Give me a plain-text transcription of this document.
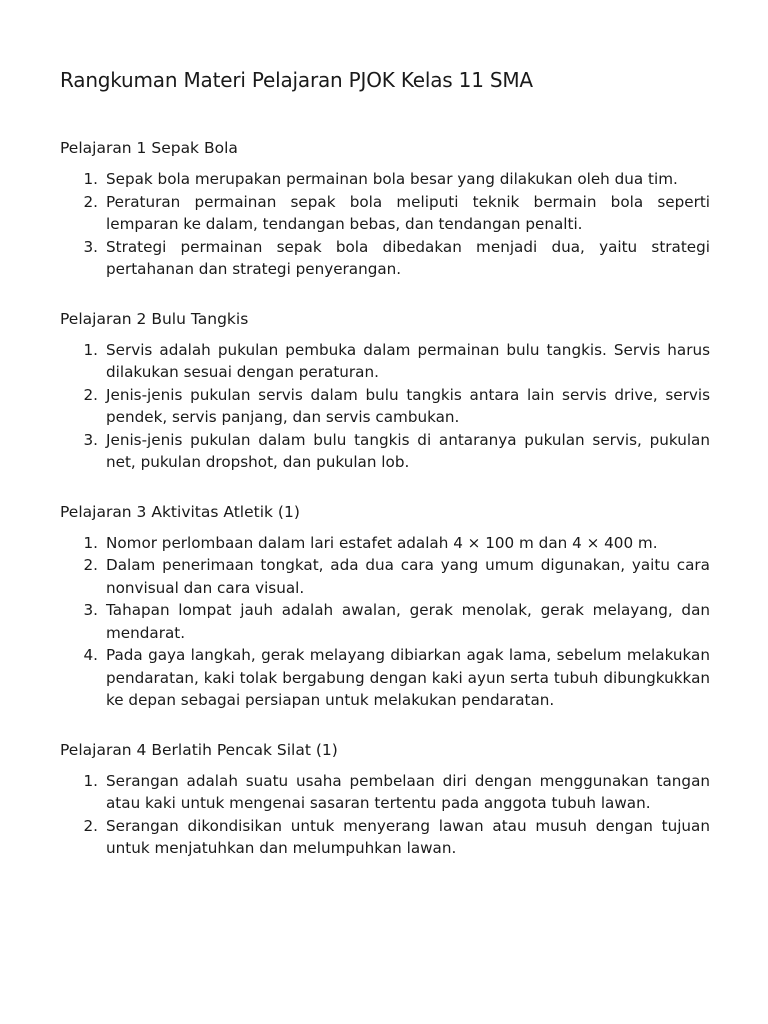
Rangkuman Materi Pelajaran PJOK Kelas 11 SMA
Pelajaran 1 Sepak Bola
1. Sepak bola merupakan permainan bola besar yang dilakukan oleh dua tim.
2. Peraturan permainan sepak bola meliputi teknik bermain bola seperti lemparan ke dalam, tendangan bebas, dan tendangan penalti.
3. Strategi permainan sepak bola dibedakan menjadi dua, yaitu strategi pertahanan dan strategi penyerangan.
Pelajaran 2 Bulu Tangkis
1. Servis adalah pukulan pembuka dalam permainan bulu tangkis. Servis harus dilakukan sesuai dengan peraturan.
2. Jenis-jenis pukulan servis dalam bulu tangkis antara lain servis drive, servis pendek, servis panjang, dan servis cambukan.
3. Jenis-jenis pukulan dalam bulu tangkis di antaranya pukulan servis, pukulan net, pukulan dropshot, dan pukulan lob.
Pelajaran 3 Aktivitas Atletik (1)
1. Nomor perlombaan dalam lari estafet adalah 4 × 100 m dan 4 × 400 m.
2. Dalam penerimaan tongkat, ada dua cara yang umum digunakan, yaitu cara nonvisual dan cara visual.
3. Tahapan lompat jauh adalah awalan, gerak menolak, gerak melayang, dan mendarat.
4. Pada gaya langkah, gerak melayang dibiarkan agak lama, sebelum melakukan pendaratan, kaki tolak bergabung dengan kaki ayun serta tubuh dibungkukkan ke depan sebagai persiapan untuk melakukan pendaratan.
Pelajaran 4 Berlatih Pencak Silat (1)
1. Serangan adalah suatu usaha pembelaan diri dengan menggunakan tangan atau kaki untuk mengenai sasaran tertentu pada anggota tubuh lawan.
2. Serangan dikondisikan untuk menyerang lawan atau musuh dengan tujuan untuk menjatuhkan dan melumpuhkan lawan.
